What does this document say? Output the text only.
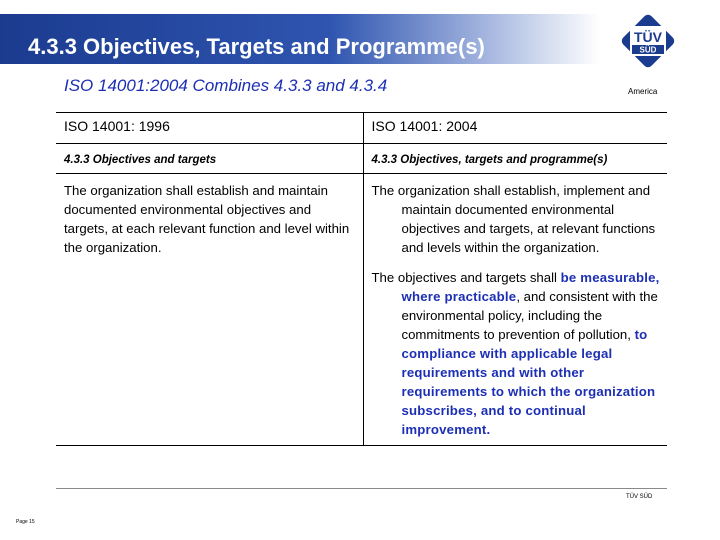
4.3.3 Objectives, Targets and Programme(s)	TÜV
SÜD
America
ISO 14001:2004 Combines 4.3.3 and 4.3.4
ISO 14001: 1996	ISO 14001: 2004
4.3.3 Objectives and targets	4.3.3 Objectives, targets and programme(s)

The organization shall establish and maintain documented environmental objectives and targets, at each relevant function and level within the organization.	The organization shall establish, implement and maintain documented environmental objectives and targets, at relevant functions and levels within the organization.
The objectives and targets shall be measurable, where practicable, and consistent with the environmental policy, including the commitments to prevention of pollution, to compliance with applicable legal requirements and with other requirements to which the organization subscribes, and to continual improvement.
TÜV SÜD
Page 15
